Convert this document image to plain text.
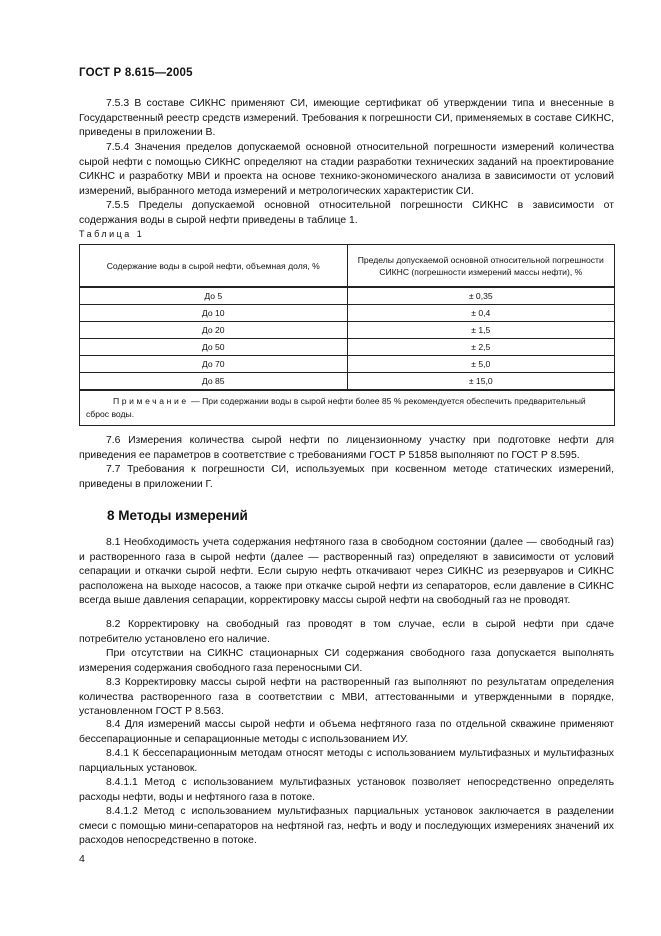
ГОСТ Р 8.615—2005

7.5.3 В составе СИКНС применяют СИ, имеющие сертификат об утверждении типа и внесенные в Государственный реестр средств измерений. Требования к погрешности СИ, применяемых в составе СИКНС, приведены в приложении В.

7.5.4 Значения пределов допускаемой основной относительной погрешности измерений количества сырой нефти с помощью СИКНС определяют на стадии разработки технических заданий на проектирование СИКНС и разработку МВИ и проекта на основе технико-экономического анализа в зависимости от условий измерений, выбранного метода измерений и метрологических характеристик СИ.

7.5.5 Пределы допускаемой основной относительной погрешности СИКНС в зависимости от содержания воды в сырой нефти приведены в таблице 1.

Таблица 1
Содержание воды в сырой нефти, объемная доля, %	Пределы допускаемой основной относительной погрешности СИКНС (погрешности измерений массы нефти), %
До 5	± 0,35
До 10	± 0,4
До 20	± 1,5
До 50	± 2,5
До 70	± 5,0
До 85	± 15,0
Примечание — При содержании воды в сырой нефти более 85 % рекомендуется обеспечить предварительный сброс воды.	

7.6 Измерения количества сырой нефти по лицензионному участку при подготовке нефти для приведения ее параметров в соответствие с требованиями ГОСТ Р 51858 выполняют по ГОСТ Р 8.595.

7.7 Требования к погрешности СИ, используемых при косвенном методе статических измерений, приведены в приложении Г.

8 Методы измерений

8.1 Необходимость учета содержания нефтяного газа в свободном состоянии (далее — свободный газ) и растворенного газа в сырой нефти (далее — растворенный газ) определяют в зависимости от условий сепарации и откачки сырой нефти. Если сырую нефть откачивают через СИКНС из резервуаров и СИКНС расположена на выходе насосов, а также при откачке сырой нефти из сепараторов, если давление в СИКНС всегда выше давления сепарации, корректировку массы сырой нефти на свободный газ не проводят.

8.2 Корректировку на свободный газ проводят в том случае, если в сырой нефти при сдаче потребителю установлено его наличие.

При отсутствии на СИКНС стационарных СИ содержания свободного газа допускается выполнять измерения содержания свободного газа переносными СИ.

8.3 Корректировку массы сырой нефти на растворенный газ выполняют по результатам определения количества растворенного газа в соответствии с МВИ, аттестованными и утвержденными в порядке, установленном ГОСТ Р 8.563.

8.4 Для измерений массы сырой нефти и объема нефтяного газа по отдельной скважине применяют бессепарационные и сепарационные методы с использованием ИУ.

8.4.1 К бессепарационным методам относят методы с использованием мультифазных и мультифазных парциальных установок.

8.4.1.1 Метод с использованием мультифазных установок позволяет непосредственно определять расходы нефти, воды и нефтяного газа в потоке.

8.4.1.2 Метод с использованием мультифазных парциальных установок заключается в разделении смеси с помощью мини-сепараторов на нефтяной газ, нефть и воду и последующих измерениях значений их расходов непосредственно в потоке.

4
